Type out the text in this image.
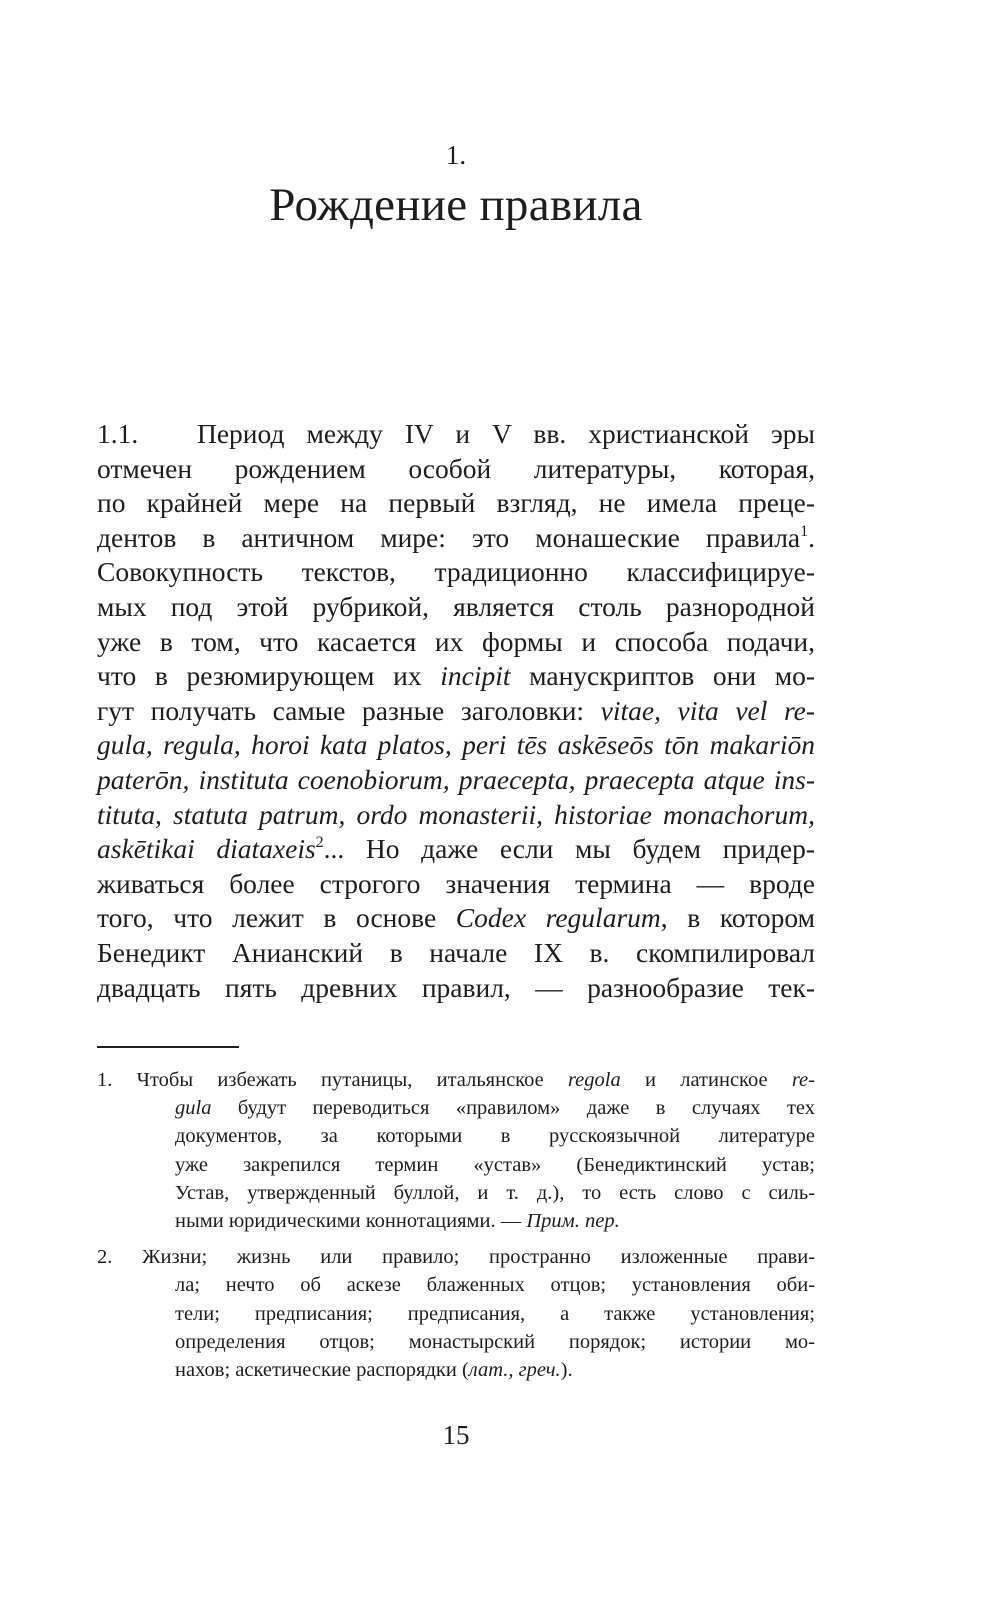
1.
Рождение правила
1.1. Период между IV и V вв. христианской эры
отмечен рождением особой литературы, которая,
по крайней мере на первый взгляд, не имела преце-
дентов в античном мире: это монашеские правила$^1$.
Совокупность текстов, традиционно классифицируе-
мых под этой рубрикой, является столь разнородной
уже в том, что касается их формы и способа подачи,
что в резюмирующем их incipit манускриптов они мо-
гут получать самые разные заголовки: vitae, vita vel re-
gula, regula, horoi kata platos, peri tēs askēseōs tōn makariōn
paterōn, instituta coenobiorum, praecepta, praecepta atque ins-
tituta, statuta patrum, ordo monasterii, historiae monachorum,
askētikai diataxeis$^2$... Но даже если мы будем придер-
живаться более строгого значения термина — вроде
того, что лежит в основе Codex regularum, в котором
Бенедикт Анианский в начале IX в. скомпилировал
двадцать пять древних правил, — разнообразие тек-
1. Чтобы избежать путаницы, итальянское regola и латинское re-
gula будут переводиться «правилом» даже в случаях тех
документов, за которыми в русскоязычной литературе
уже закрепился термин «устав» (Бенедиктинский устав;
Устав, утвержденный буллой, и т. д.), то есть слово с силь-
ными юридическими коннотациями. — Прим. пер.
2. Жизни; жизнь или правило; пространно изложенные прави-
ла; нечто об аскезе блаженных отцов; установления оби-
тели; предписания; предписания, а также установления;
определения отцов; монастырский порядок; истории мо-
нахов; аскетические распорядки (лат., греч.).
15
